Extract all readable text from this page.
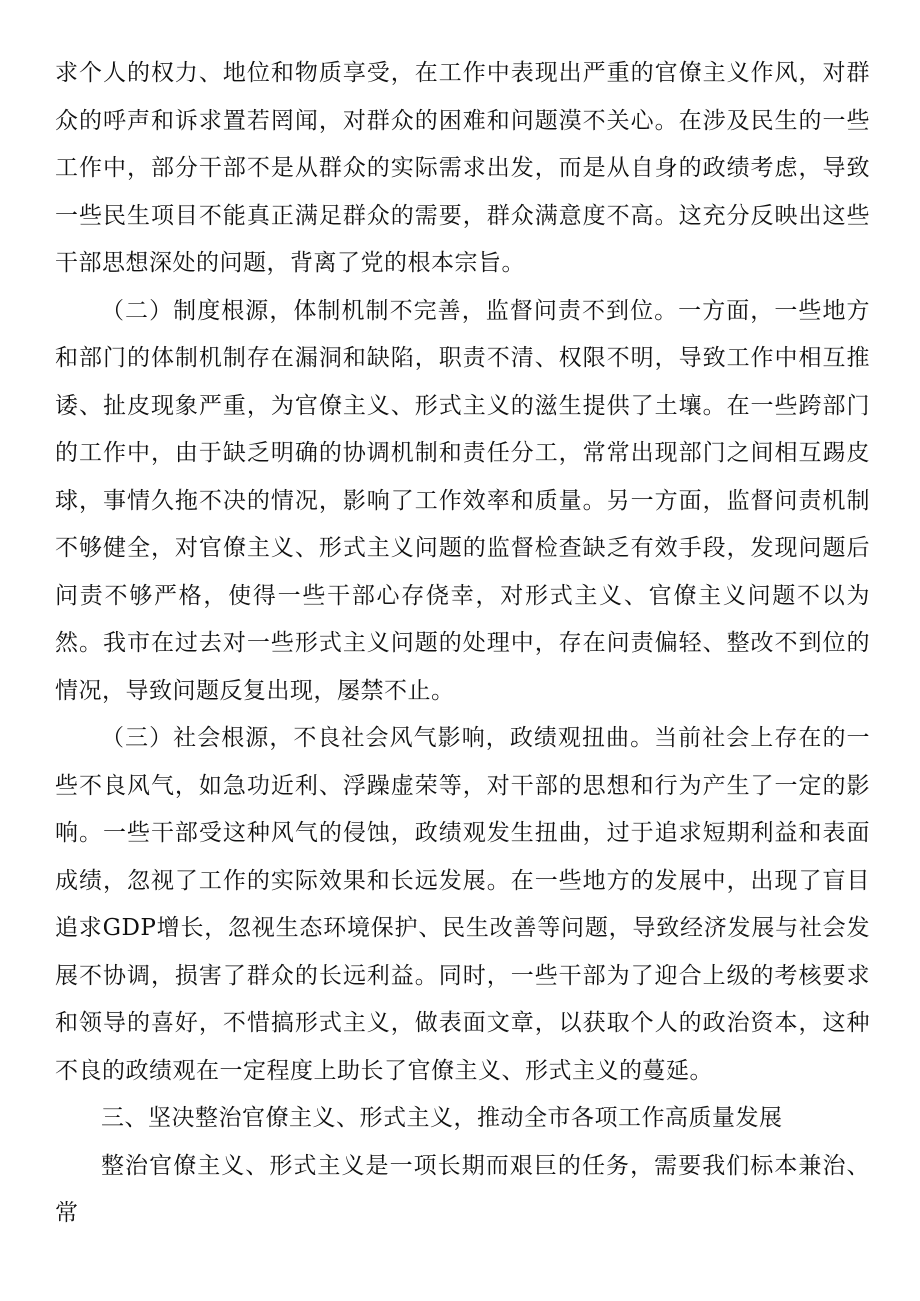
求个人的权力、地位和物质享受，在工作中表现出严重的官僚主义作风，对群众的呼声和诉求置若罔闻，对群众的困难和问题漠不关心。在涉及民生的一些工作中，部分干部不是从群众的实际需求出发，而是从自身的政绩考虑，导致一些民生项目不能真正满足群众的需要，群众满意度不高。这充分反映出这些干部思想深处的问题，背离了党的根本宗旨。

（二）制度根源，体制机制不完善，监督问责不到位。一方面，一些地方和部门的体制机制存在漏洞和缺陷，职责不清、权限不明，导致工作中相互推诿、扯皮现象严重，为官僚主义、形式主义的滋生提供了土壤。在一些跨部门的工作中，由于缺乏明确的协调机制和责任分工，常常出现部门之间相互踢皮球，事情久拖不决的情况，影响了工作效率和质量。另一方面，监督问责机制不够健全，对官僚主义、形式主义问题的监督检查缺乏有效手段，发现问题后问责不够严格，使得一些干部心存侥幸，对形式主义、官僚主义问题不以为然。我市在过去对一些形式主义问题的处理中，存在问责偏轻、整改不到位的情况，导致问题反复出现，屡禁不止。

（三）社会根源，不良社会风气影响，政绩观扭曲。当前社会上存在的一些不良风气，如急功近利、浮躁虚荣等，对干部的思想和行为产生了一定的影响。一些干部受这种风气的侵蚀，政绩观发生扭曲，过于追求短期利益和表面成绩，忽视了工作的实际效果和长远发展。在一些地方的发展中，出现了盲目追求GDP增长，忽视生态环境保护、民生改善等问题，导致经济发展与社会发展不协调，损害了群众的长远利益。同时，一些干部为了迎合上级的考核要求和领导的喜好，不惜搞形式主义，做表面文章，以获取个人的政治资本，这种不良的政绩观在一定程度上助长了官僚主义、形式主义的蔓延。

三、坚决整治官僚主义、形式主义，推动全市各项工作高质量发展

整治官僚主义、形式主义是一项长期而艰巨的任务，需要我们标本兼治、常
